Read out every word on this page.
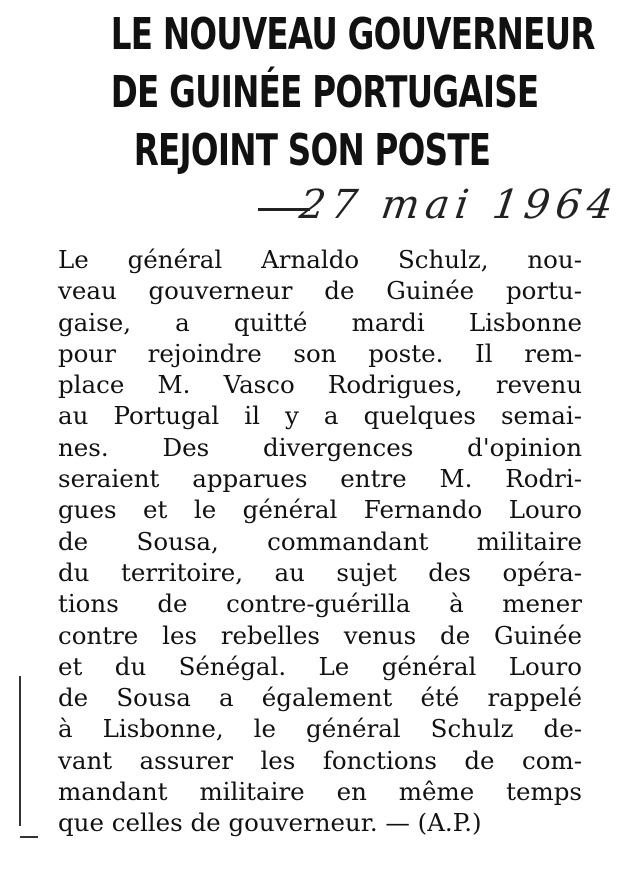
LE NOUVEAU GOUVERNEUR
DE GUINÉE PORTUGAISE
REJOINT SON POSTE
27 mai 1964
Le général Arnaldo Schulz, nou-
veau gouverneur de Guinée portu-
gaise, a quitté mardi Lisbonne
pour rejoindre son poste. Il rem-
place M. Vasco Rodrigues, revenu
au Portugal il y a quelques semai-
nes. Des divergences d'opinion
seraient apparues entre M. Rodri-
gues et le général Fernando Louro
de Sousa, commandant militaire
du territoire, au sujet des opéra-
tions de contre-guérilla à mener
contre les rebelles venus de Guinée
et du Sénégal. Le général Louro
de Sousa a également été rappelé
à Lisbonne, le général Schulz de-
vant assurer les fonctions de com-
mandant militaire en même temps
que celles de gouverneur. — (A.P.)
